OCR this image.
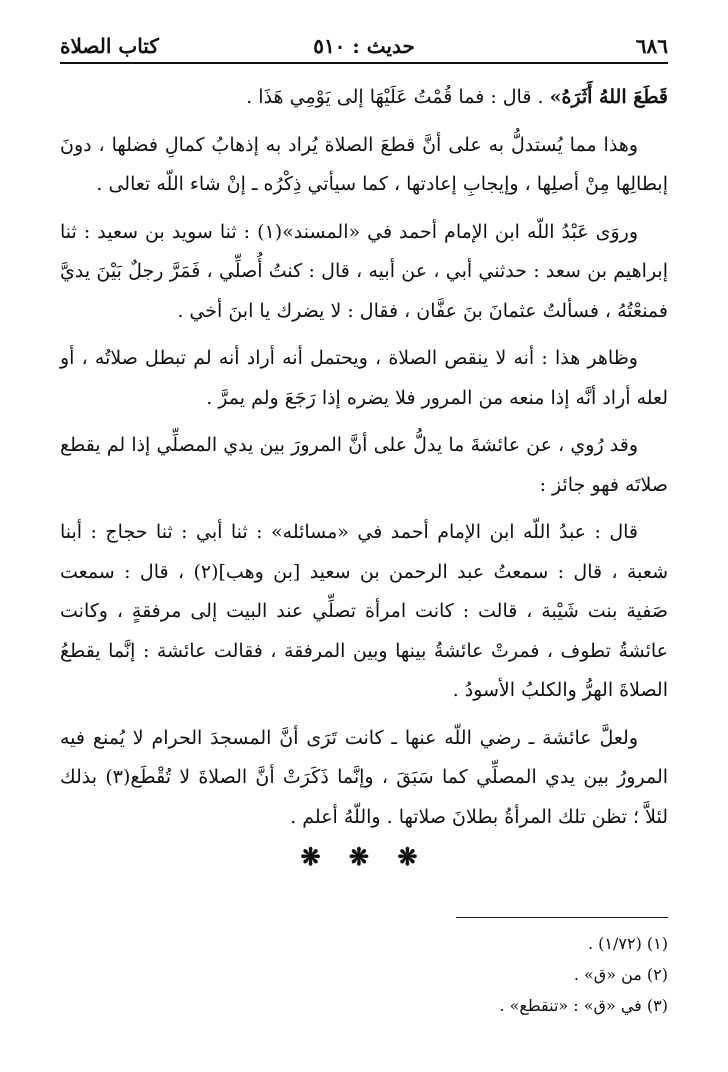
٦٨٦
حديث : ٥١٠
كتاب الصلاة

قَطَعَ اللهُ أَثَرَهُ» . قال : فما قُمْتُ عَلَيْهَا إلى يَوْمِي هَذَا .

وهذا مما يُستدلُّ به على أنَّ قطعَ الصلاة يُراد به إذهابُ كمالِ فضلها ، دونَ إبطالِها مِنْ أصلِها ، وإيجابِ إعادتها ، كما سيأتي ذِكْرُه ـ إنْ شاء اللّه تعالى .

وروَى عَبْدُ اللّه ابن الإمام أحمد في «المسند»(١) : ثنا سويد بن سعيد : ثنا إبراهيم بن سعد : حدثني أبي ، عن أبيه ، قال : كنتُ أُصلِّي ، فَمَرَّ رجلٌ بَيْنَ يديَّ فمنعْتُهُ ، فسألتُ عثمانَ بنَ عفَّان ، فقال : لا يضرك يا ابنَ أخي .

وظاهر هذا : أنه لا ينقص الصلاة ، ويحتمل أنه أراد أنه لم تبطل صلاتُه ، أو لعله أراد أنَّه إذا منعه من المرور فلا يضره إذا رَجَعَ ولم يمرَّ .

وقد رُوي ، عن عائشةَ ما يدلُّ على أنَّ المرورَ بين يدي المصلِّي إذا لم يقطع صلاتَه فهو جائز :

قال : عبدُ اللّه ابن الإمام أحمد في «مسائله» : ثنا أبي : ثنا حجاج : أبنا شعبة ، قال : سمعتُ عبد الرحمن بن سعيد [بن وهب](٢) ، قال : سمعت صَفية بنت شَيْبة ، قالت : كانت امرأة تصلِّي عند البيت إلى مرفقةٍ ، وكانت عائشةُ تطوف ، فمرتْ عائشةُ بينها وبين المرفقة ، فقالت عائشة : إنَّما يقطعُ الصلاةَ الهرُّ والكلبُ الأسودُ .

ولعلَّ عائشة ـ رضي اللّه عنها ـ كانت تَرَى أنَّ المسجدَ الحرام لا يُمنع فيه المرورُ بين يدي المصلِّي كما سَبَقَ ، وإنَّما ذَكَرَتْ أنَّ الصلاةَ لا تُقْطَع(٣) بذلك لئلاَّ ؛ تظن تلك المرأةُ بطلانَ صلاتها . واللّهُ أعلم .

❋ ❋ ❋
(١) (١/٧٢) .
(٢) من «ق» .
(٣) في «ق» : «تنقطع» .
